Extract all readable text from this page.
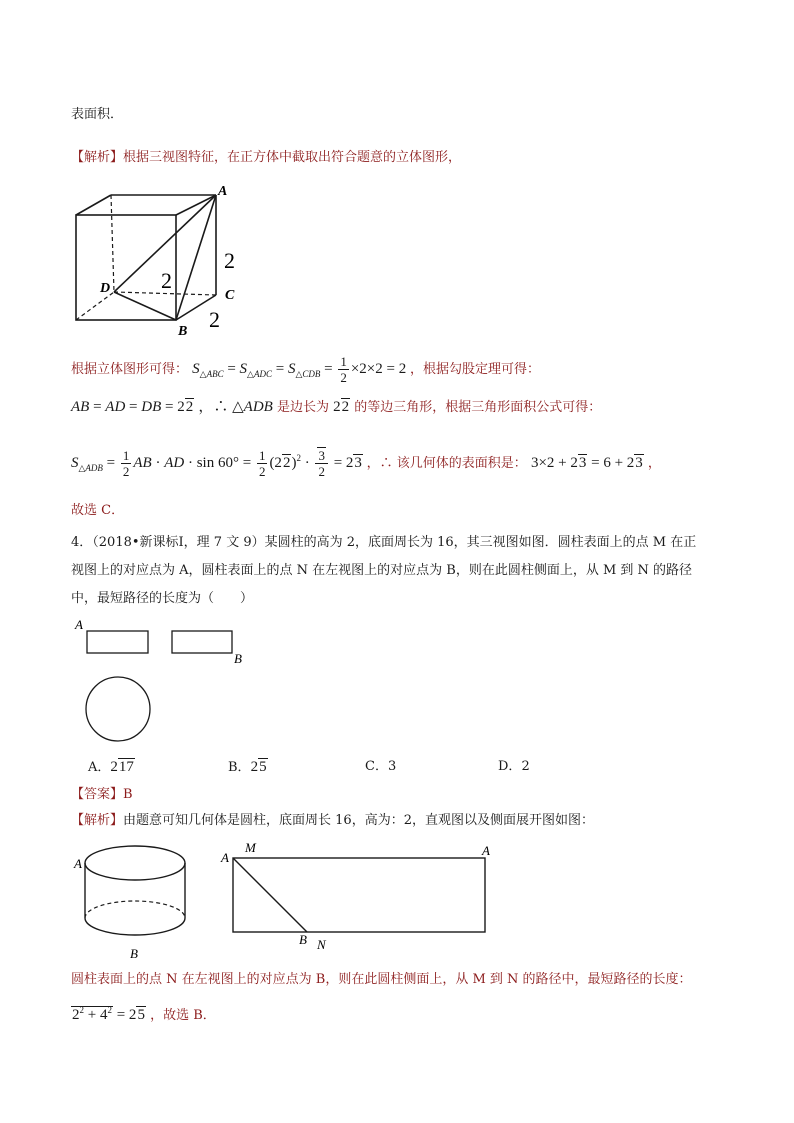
表面积．
【解析】根据三视图特征，在正方体中截取出符合题意的立体图形，
A
D	C
B
2
2
2
根据立体图形可得： $S_{\triangle ABC} = S_{\triangle ADC} = S_{\triangle CDB} = \frac{1}{2} \times 2\times 2 = 2$ ，根据勾股定理可得：
AB = AD = DB = 22 ，∴ △ADB 是边长为 22 的等边三角形，根据三角形面积公式可得：
$S_{\triangle ADB} = \frac{1}{2}$ AB · AD · $\sin 60^\circ = \frac{1}{2} (22)^2 \cdot \frac{3}{2} = 23$ ，∴ 该几何体的表面积是： 3×2 + 23 = 6 + 23 ，
故选 C．
4．（2018•新课标Ⅰ，理 7 文 9）某圆柱的高为 2，底面周长为 16，其三视图如图．圆柱表面上的点 M 在正
视图上的对应点为 A，圆柱表面上的点 N 在左视图上的对应点为 B，则在此圆柱侧面上，从 M 到 N 的路径
中，最短路径的长度为（　　）
A
B
A．217	B．25	C．3	D．2
【答案】B
【解析】由题意可知几何体是圆柱，底面周长 16，高为：2，直观图以及侧面展开图如图：
A
B
A
M	A
B N
圆柱表面上的点 N 在左视图上的对应点为 B，则在此圆柱侧面上，从 M 到 N 的路径中，最短路径的长度：
$2^2 + 4^2 = 25$ ，故选 B．
